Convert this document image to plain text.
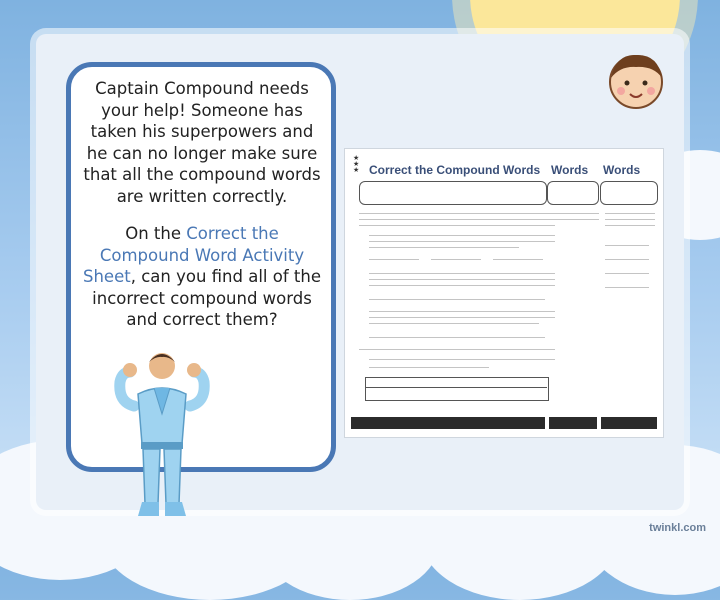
Captain Compound needs your help! Someone has taken his superpowers and he can no longer make sure that all the compound words are written correctly.

On the Correct the Compound Word Activity Sheet, can you find all of the incorrect compound words and correct them?

★
★
★ Correct the Compound Words Words Words
twinkl.com
